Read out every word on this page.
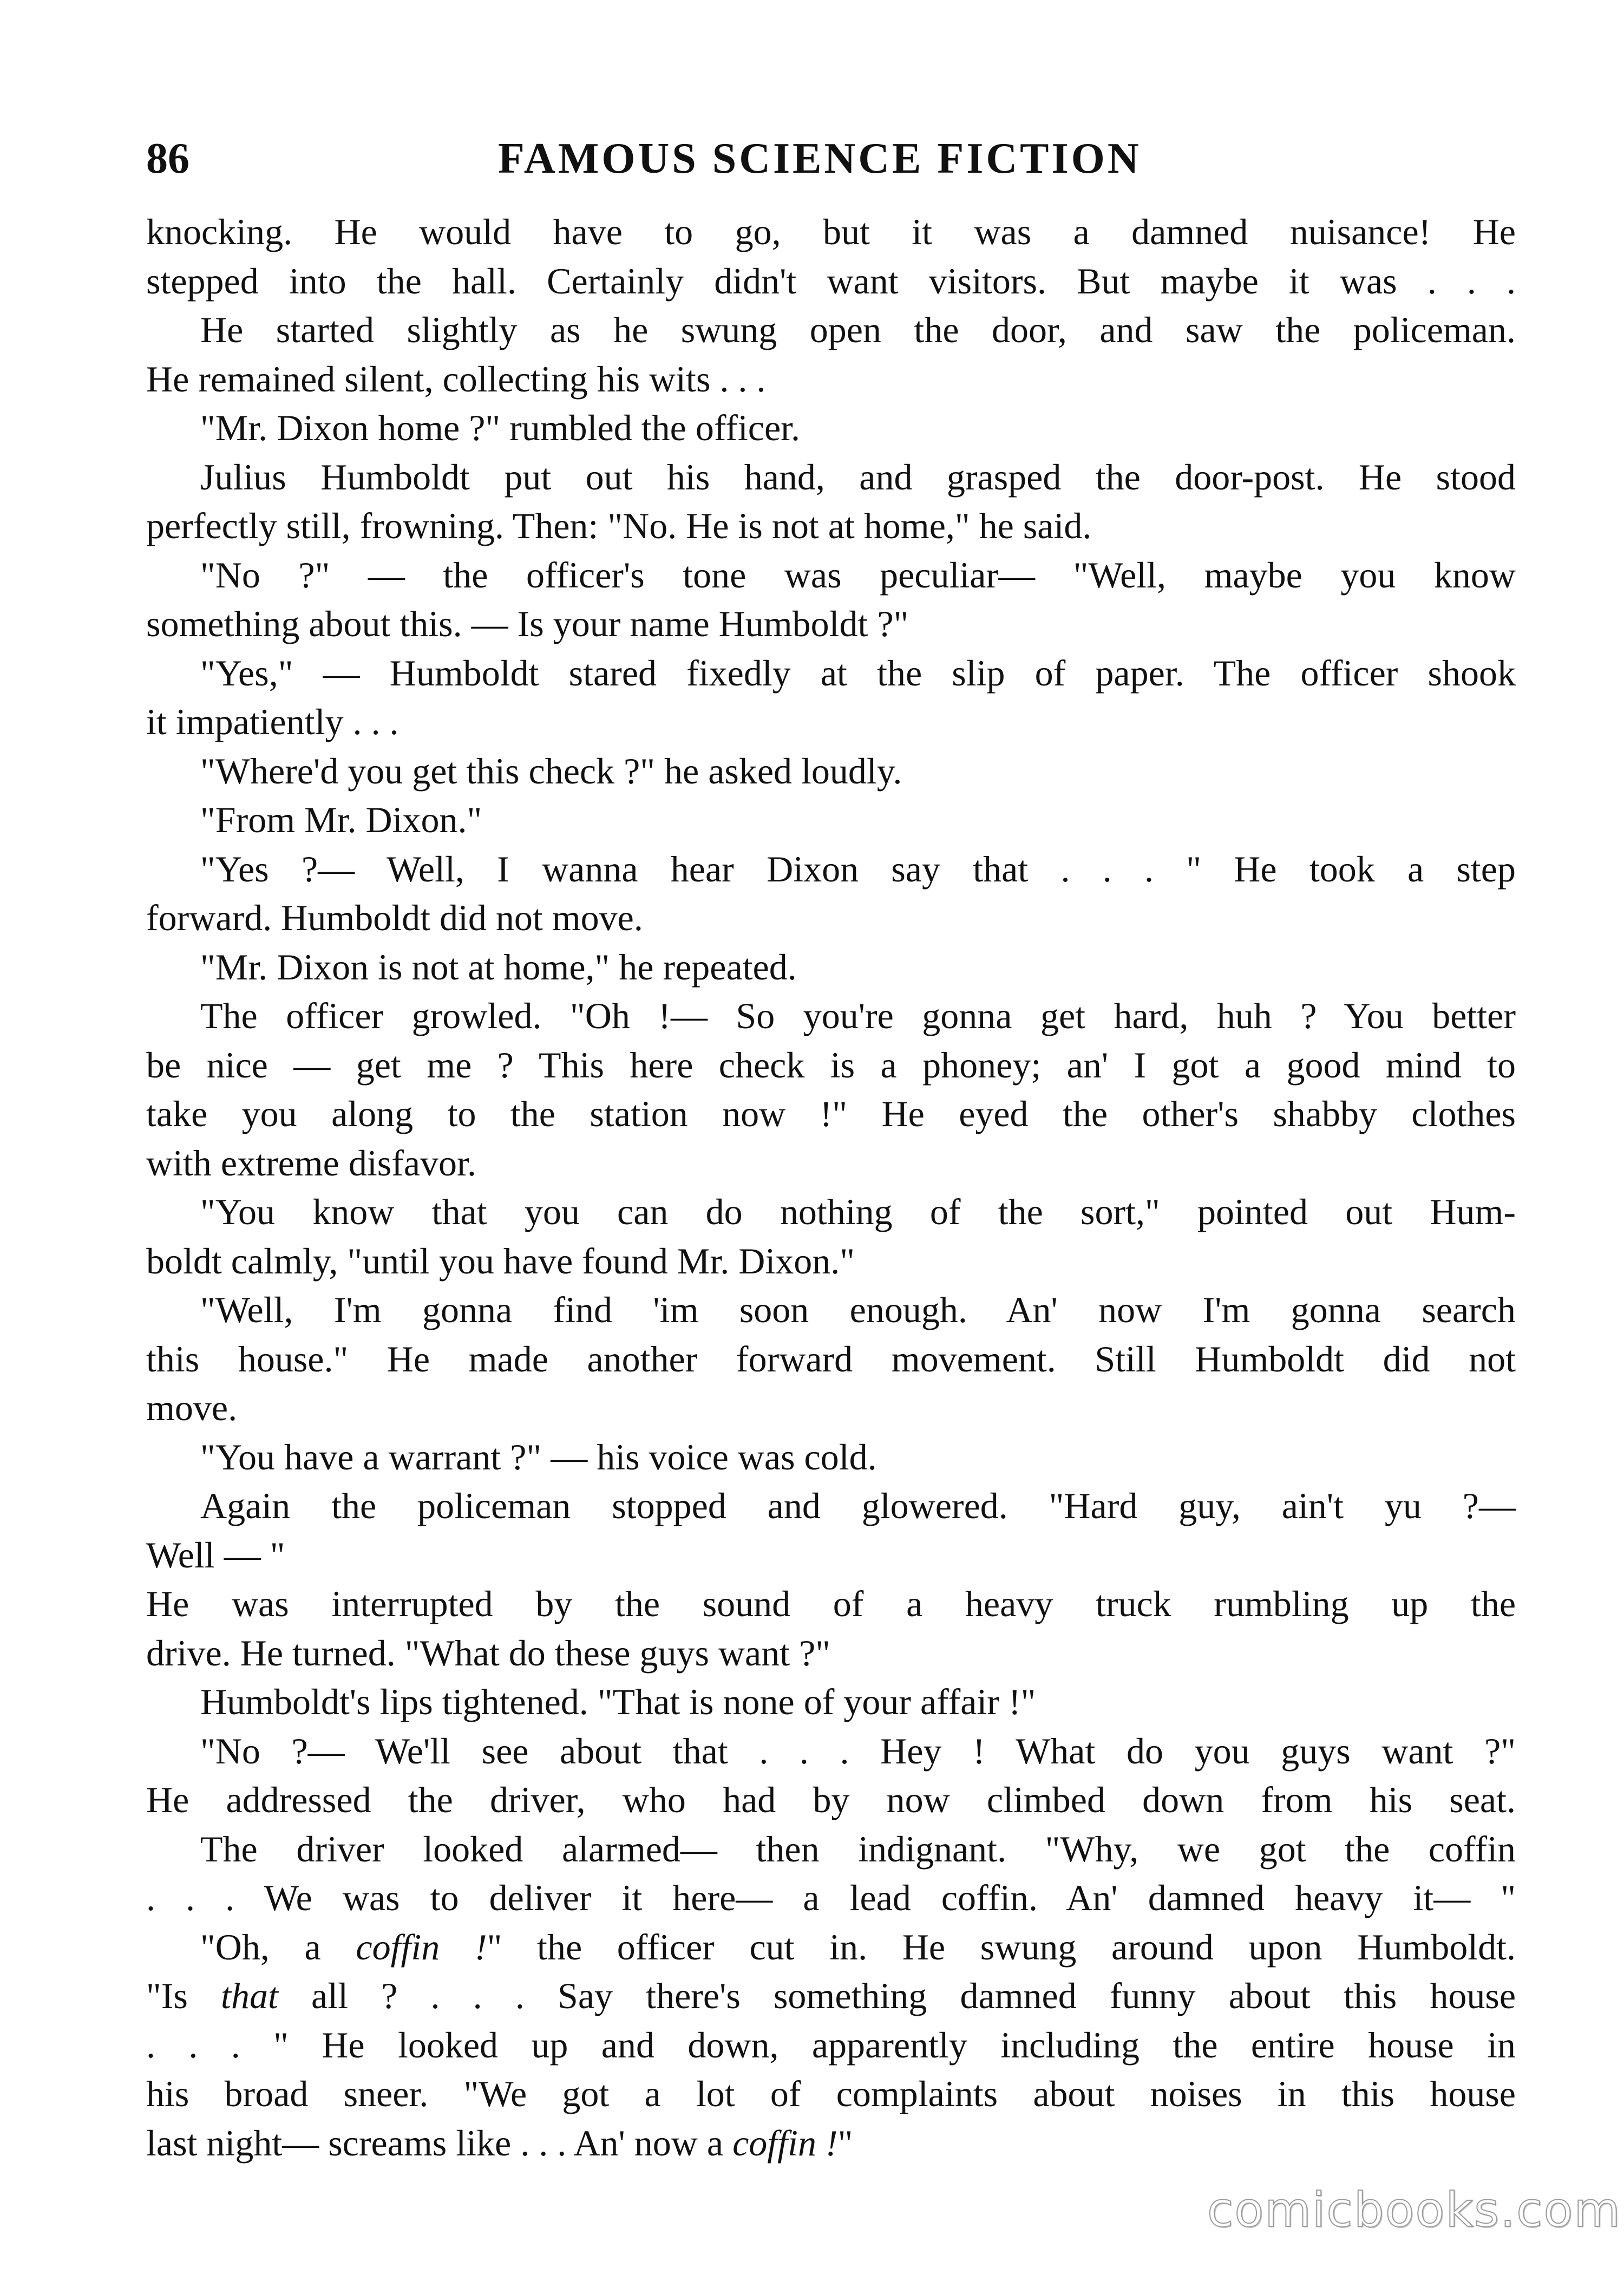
86	FAMOUS SCIENCE FICTION
knocking. He would have to go, but it was a damned nuisance! He
stepped into the hall. Certainly didn't want visitors. But maybe it was . . .
He started slightly as he swung open the door, and saw the policeman.
He remained silent, collecting his wits . . .
"Mr. Dixon home ?" rumbled the officer.
Julius Humboldt put out his hand, and grasped the door-post. He stood
perfectly still, frowning. Then: "No. He is not at home," he said.
"No ?" — the officer's tone was peculiar— "Well, maybe you know
something about this. — Is your name Humboldt ?"
"Yes," — Humboldt stared fixedly at the slip of paper. The officer shook
it impatiently . . .
"Where'd you get this check ?" he asked loudly.
"From Mr. Dixon."
"Yes ?— Well, I wanna hear Dixon say that . . . " He took a step
forward. Humboldt did not move.
"Mr. Dixon is not at home," he repeated.
The officer growled. "Oh !— So you're gonna get hard, huh ? You better
be nice — get me ? This here check is a phoney; an' I got a good mind to
take you along to the station now !" He eyed the other's shabby clothes
with extreme disfavor.
"You know that you can do nothing of the sort," pointed out Hum-
boldt calmly, "until you have found Mr. Dixon."
"Well, I'm gonna find 'im soon enough. An' now I'm gonna search
this house." He made another forward movement. Still Humboldt did not
move.
"You have a warrant ?" — his voice was cold.
Again the policeman stopped and glowered. "Hard guy, ain't yu ?—
Well — "
He was interrupted by the sound of a heavy truck rumbling up the
drive. He turned. "What do these guys want ?"
Humboldt's lips tightened. "That is none of your affair !"
"No ?— We'll see about that . . . Hey ! What do you guys want ?"
He addressed the driver, who had by now climbed down from his seat.
The driver looked alarmed— then indignant. "Why, we got the coffin
. . . We was to deliver it here— a lead coffin. An' damned heavy it— "
"Oh, a coffin !" the officer cut in. He swung around upon Humboldt.
"Is that all ? . . . Say there's something damned funny about this house
. . . " He looked up and down, apparently including the entire house in
his broad sneer. "We got a lot of complaints about noises in this house
last night— screams like . . . An' now a coffin !"
comicbooks.com
